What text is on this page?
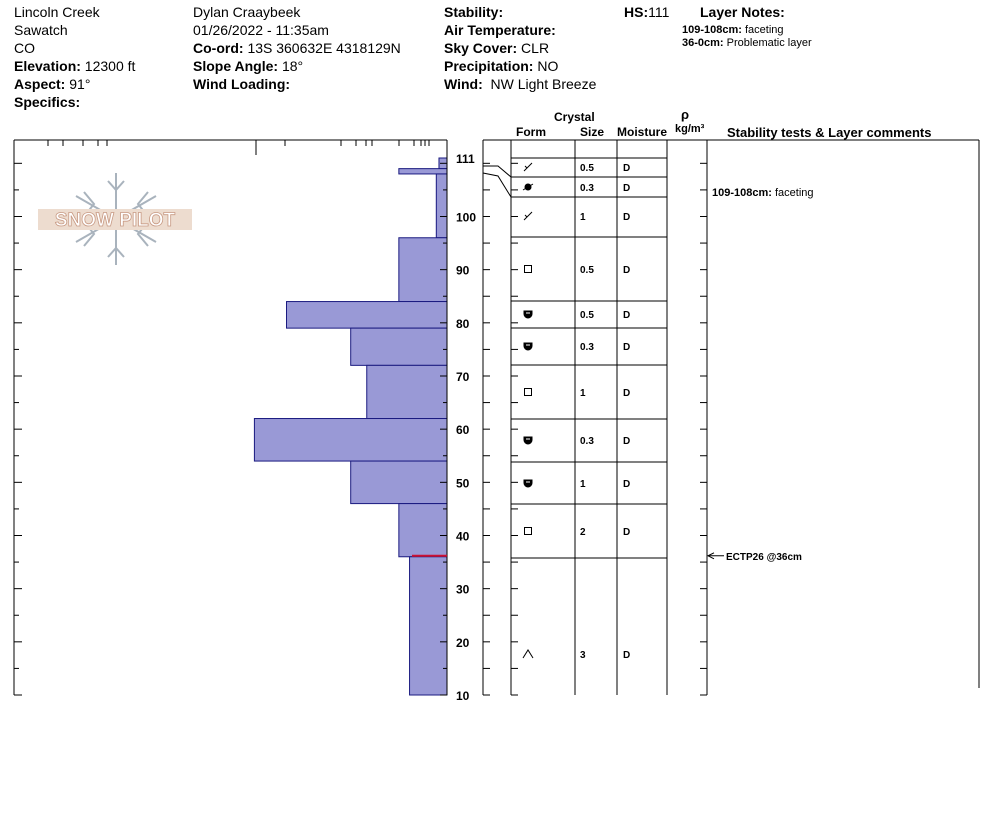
Lincoln Creek
Sawatch
CO
Elevation: 12300 ft
Aspect: 91°
Specifics:
Dylan Craaybeek
01/26/2022 - 11:35am
Co-ord: 13S 360632E 4318129N
Slope Angle: 18°
Wind Loading:
Stability:
Air Temperature:
Sky Cover: CLR
Precipitation: NO
Wind: NW Light Breeze
HS:111 Layer Notes:
109-108cm: faceting
36-0cm: Problematic layer
Crystal
Form	Size Moisture
ρ
kg/m³ Stability tests & Layer comments
SNOW PILOT
111
100
90
80
70
60
50
40
30
20
10
0.5	D
0.3	D
1	D
0.5	D
0.5	D
0.3	D
1	D
0.3	D
1	D
2	D
3	D
109-108cm: faceting
ECTP26 @36cm
